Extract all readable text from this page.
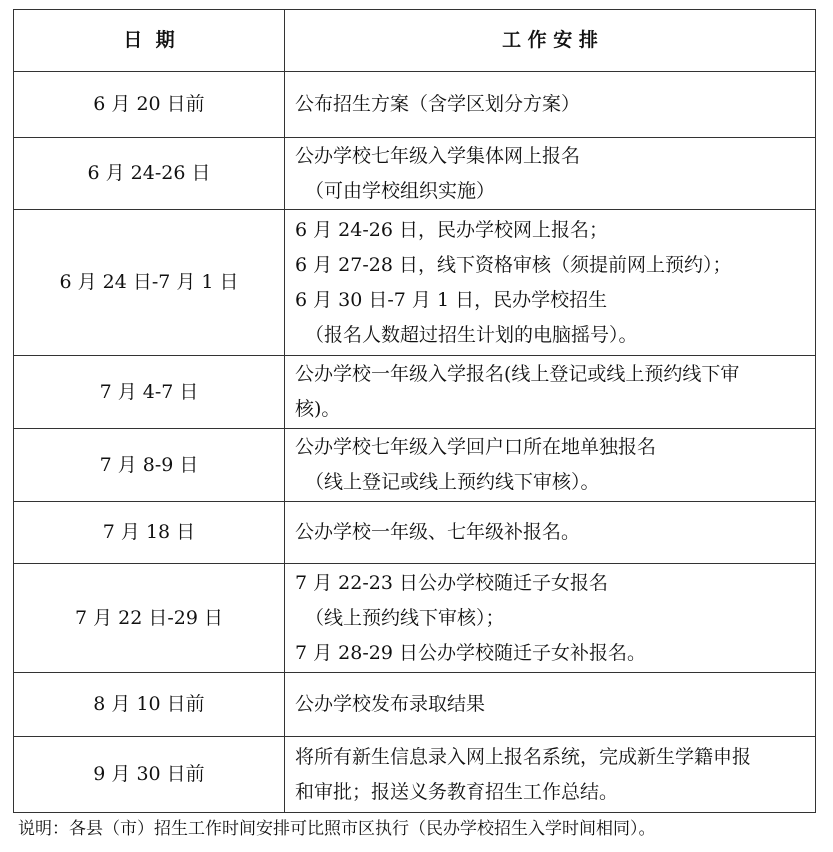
日  期	工 作 安 排
6 月 20 日前	公布招生方案（含学区划分方案）

6 月 24-26 日	公办学校七年级入学集体网上报名
（可由学校组织实施）

6 月 24 日-7 月 1 日	6 月 24-26 日，民办学校网上报名；
6 月 27-28 日，线下资格审核（须提前网上预约）；
6 月 30 日-7 月 1 日，民办学校招生
（报名人数超过招生计划的电脑摇号）。

7 月 4-7 日	公办学校一年级入学报名(线上登记或线上预约线下审
核)。

7 月 8-9 日	公办学校七年级入学回户口所在地单独报名
（线上登记或线上预约线下审核）。

7 月 18 日	公办学校一年级、七年级补报名。

7 月 22 日-29 日	7 月 22-23 日公办学校随迁子女报名
（线上预约线下审核）；
7 月 28-29 日公办学校随迁子女补报名。

8 月 10 日前	公办学校发布录取结果

9 月 30 日前	将所有新生信息录入网上报名系统，完成新生学籍申报
和审批；报送义务教育招生工作总结。
说明：各县（市）招生工作时间安排可比照市区执行（民办学校招生入学时间相同）。
